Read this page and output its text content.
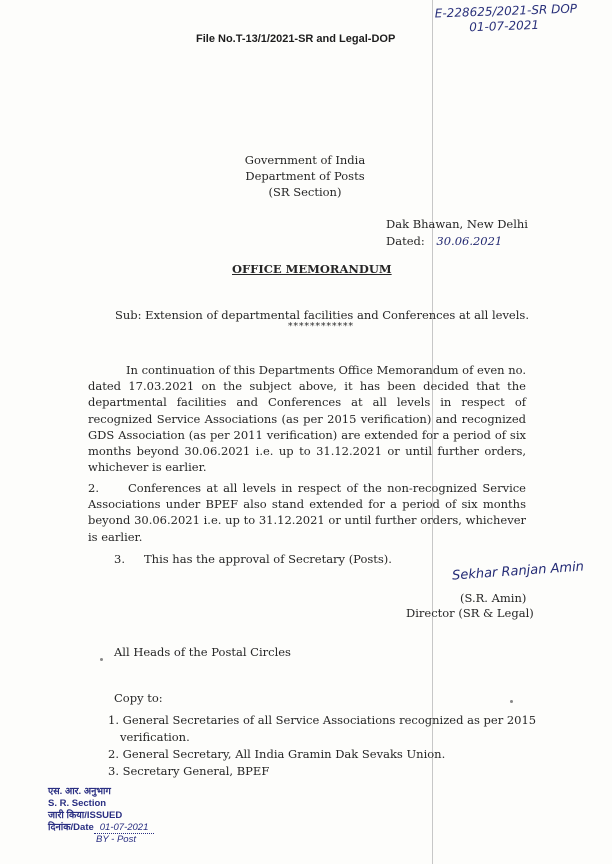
E-228625/2021-SR DOP
01-07-2021
File No.T-13/1/2021-SR and Legal-DOP
Government of India
Department of Posts
(SR Section)
Dak Bhawan, New Delhi
Dated: 30.06.2021
OFFICE MEMORANDUM
Sub: Extension of departmental facilities and Conferences at all levels.
************
In continuation of this Departments Office Memorandum of even no. dated 17.03.2021 on the subject above, it has been decided that the departmental facilities and Conferences at all levels in respect of recognized Service Associations (as per 2015 verification) and recognized GDS Association (as per 2011 verification) are extended for a period of six months beyond 30.06.2021 i.e. up to 31.12.2021 or until further orders, whichever is earlier.
2.	Conferences at all levels in respect of the non-recognized Service Associations under BPEF also stand extended for a period of six months beyond 30.06.2021 i.e. up to 31.12.2021 or until further orders, whichever is earlier.
3. This has the approval of Secretary (Posts).
Sekhar Ranjan Amin
(S.R. Amin)
Director (SR & Legal)
All Heads of the Postal Circles
Copy to:
1. General Secretaries of all Service Associations recognized as per 2015
verification.
2. General Secretary, All India Gramin Dak Sevaks Union.
3. Secretary General, BPEF
एस. आर. अनुभाग
S. R. Section
जारी किया/ISSUED
दिनांक/Date 01-07-2021
BY - Post
